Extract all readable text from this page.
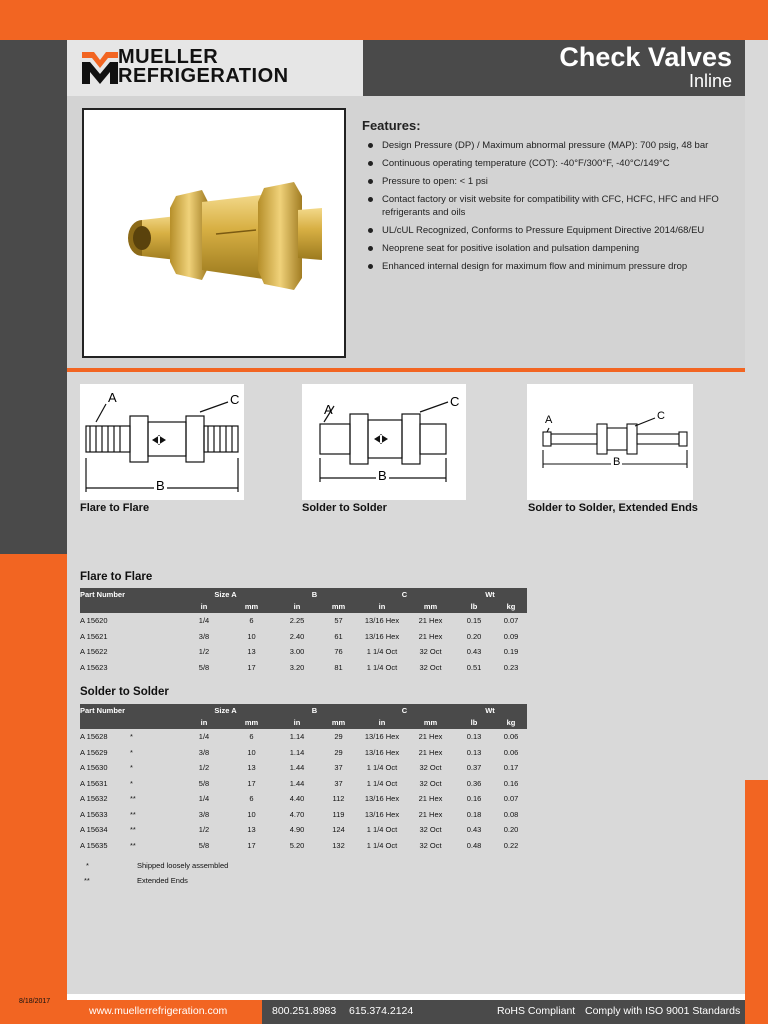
MUELLER
REFRIGERATION
Check Valves
Inline
Features:
Design Pressure (DP) / Maximum abnormal pressure (MAP): 700 psig, 48 bar
Continuous operating temperature (COT): -40°F/300°F, -40°C/149°C
Pressure to open: < 1 psi
Contact factory or visit website for compatibility with CFC, HCFC, HFC and HFO refrigerants and oils
UL/cUL Recognized, Conforms to Pressure Equipment Directive 2014/68/EU
Neoprene seat for positive isolation and pulsation dampening
Enhanced internal design for maximum flow and minimum pressure drop
A
B
C
Flare to Flare
A
B
C
Solder to Solder
A
B
C
Solder to Solder, Extended Ends
Flare to Flare
Part Number		Size A		B		C		Wt	
		in	mm	in	mm	in	mm	lb	kg
A 15620		1/4	6	2.25	57	13/16 Hex	21 Hex	0.15	0.07
A 15621		3/8	10	2.40	61	13/16 Hex	21 Hex	0.20	0.09
A 15622		1/2	13	3.00	76	1 1/4 Oct	32 Oct	0.43	0.19
A 15623		5/8	17	3.20	81	1 1/4 Oct	32 Oct	0.51	0.23
Solder to Solder
Part Number		Size A		B		C		Wt	
		in	mm	in	mm	in	mm	lb	kg
A 15628	*	1/4	6	1.14	29	13/16 Hex	21 Hex	0.13	0.06
A 15629	*	3/8	10	1.14	29	13/16 Hex	21 Hex	0.13	0.06
A 15630	*	1/2	13	1.44	37	1 1/4 Oct	32 Oct	0.37	0.17
A 15631	*	5/8	17	1.44	37	1 1/4 Oct	32 Oct	0.36	0.16
A 15632	**	1/4	6	4.40	112	13/16 Hex	21 Hex	0.16	0.07
A 15633	**	3/8	10	4.70	119	13/16 Hex	21 Hex	0.18	0.08
A 15634	**	1/2	13	4.90	124	1 1/4 Oct	32 Oct	0.43	0.20
A 15635	**	5/8	17	5.20	132	1 1/4 Oct	32 Oct	0.48	0.22
*	Shipped loosely assembled
**	Extended Ends
8/18/2017
www.muellerrefrigeration.com	800.251.8983 615.374.2124	RoHS Compliant Comply with ISO 9001 Standards
